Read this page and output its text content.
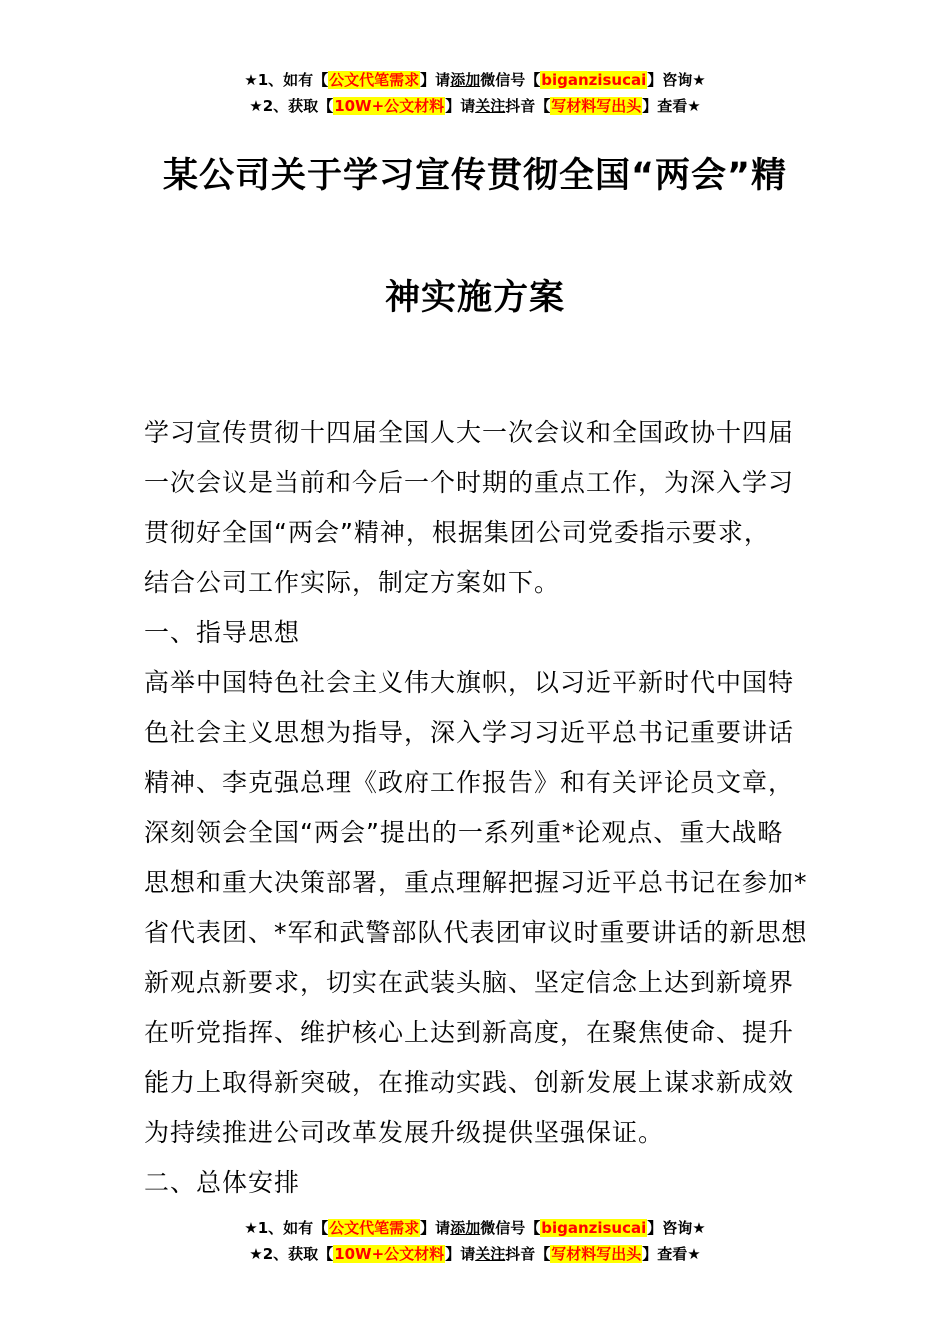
★1、如有【公文代笔需求】请添加微信号【biganzisucai】咨询★
★2、获取【10W+公文材料】请关注抖音【写材料写出头】查看★
某公司关于学习宣传贯彻全国“两会”精
神实施方案
学习宣传贯彻十四届全国人大一次会议和全国政协十四届
一次会议是当前和今后一个时期的重点工作，为深入学习
贯彻好全国“两会”精神，根据集团公司党委指示要求，
结合公司工作实际，制定方案如下。
一、指导思想
高举中国特色社会主义伟大旗帜，以习近平新时代中国特
色社会主义思想为指导，深入学习习近平总书记重要讲话
精神、李克强总理《政府工作报告》和有关评论员文章，
深刻领会全国“两会”提出的一系列重*论观点、重大战略
思想和重大决策部署，重点理解把握习近平总书记在参加*
省代表团、*军和武警部队代表团审议时重要讲话的新思想
新观点新要求，切实在武装头脑、坚定信念上达到新境界
在听党指挥、维护核心上达到新高度，在聚焦使命、提升
能力上取得新突破，在推动实践、创新发展上谋求新成效
为持续推进公司改革发展升级提供坚强保证。
二、总体安排
★1、如有【公文代笔需求】请添加微信号【biganzisucai】咨询★
★2、获取【10W+公文材料】请关注抖音【写材料写出头】查看★
